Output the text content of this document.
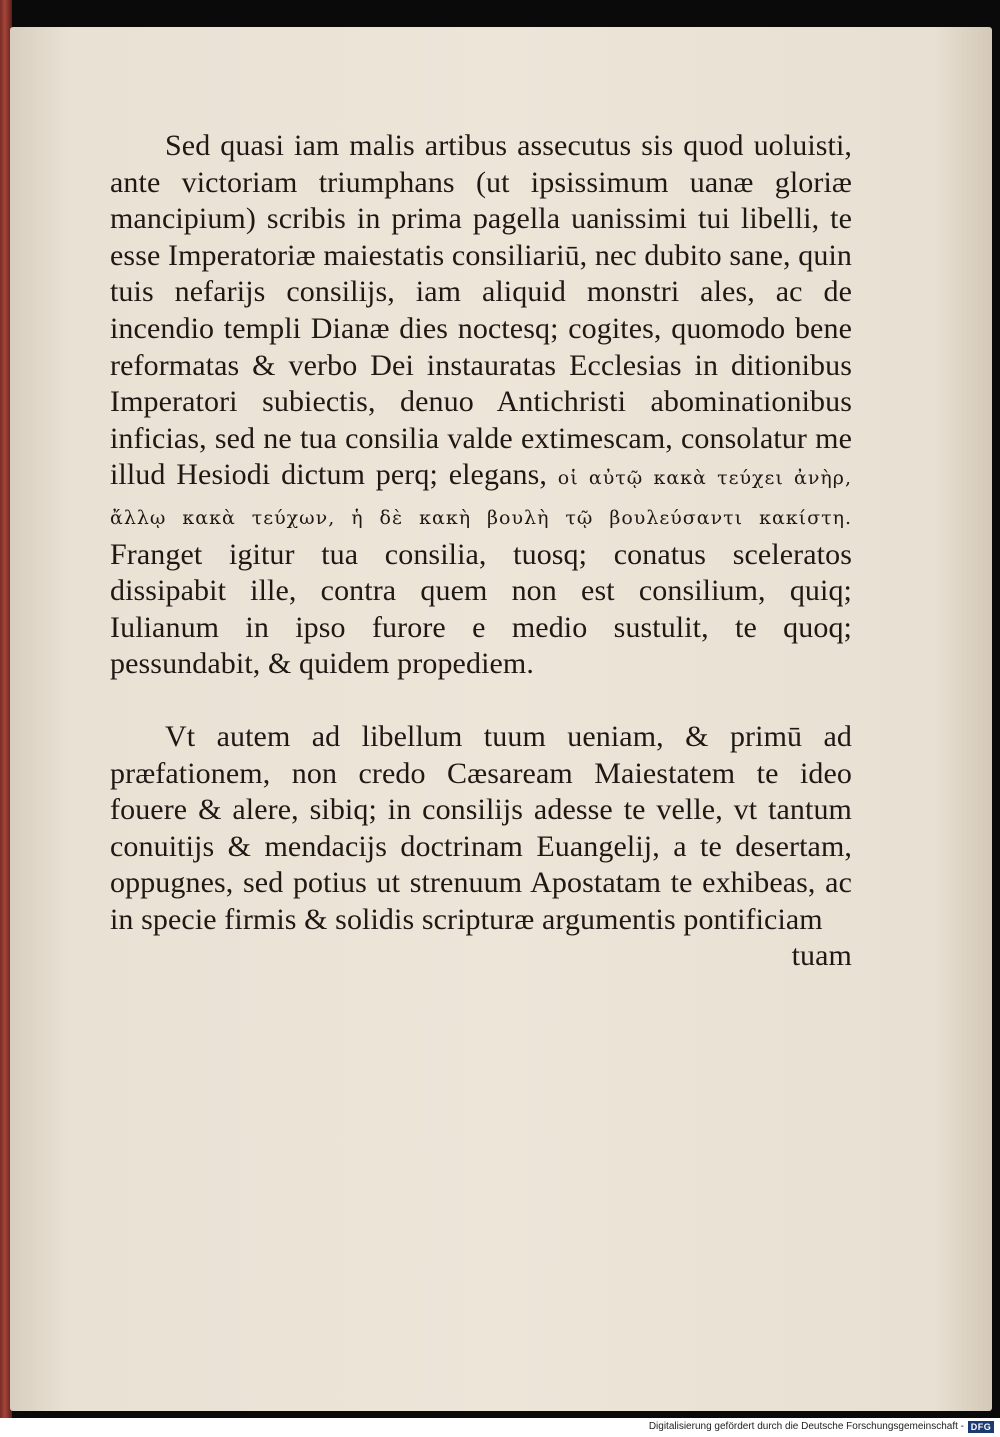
Sed quasi iam malis artibus assecutus sis quod uoluisti, ante victoriam triumphans (ut ipsissimum uanæ gloriæ mancipium) scribis in prima pagella uanissimi tui libelli, te esse Imperatoriæ maiestatis consiliariū, nec dubito sane, quin tuis nefarijs consilijs, iam aliquid monstri ales, ac de incendio templi Dianæ dies noctesq; cogites, quomodo bene reformatas & verbo Dei instauratas Ecclesias in ditionibus Imperatori subiectis, denuo Antichristi abominationibus inficias, sed ne tua consilia valde extimescam, consolatur me illud Hesiodi dictum perq; elegans, οἱ αὐτῷ κακὰ τεύχει ἀνὴρ, ἄλλῳ κακὰ τεύχων, ἡ δὲ κακὴ βουλὴ τῷ βουλεύσαντι κακίστη. Franget igitur tua consilia, tuosq; conatus sceleratos dissipabit ille, contra quem non est consilium, quiq; Iulianum in ipso furore e medio sustulit, te quoq; pessundabit, & quidem propediem.

Vt autem ad libellum tuum ueniam, & primū ad præfationem, non credo Cæsaream Maiestatem te ideo fouere & alere, sibiq; in consilijs adesse te velle, vt tantum conuitijs & mendacijs doctrinam Euangelij, a te desertam, oppugnes, sed potius ut strenuum Apostatam te exhibeas, ac in specie firmis & solidis scripturæ argumentis pontificiam

tuam
Digitalisierung gefördert durch die Deutsche Forschungsgemeinschaft - DFG
